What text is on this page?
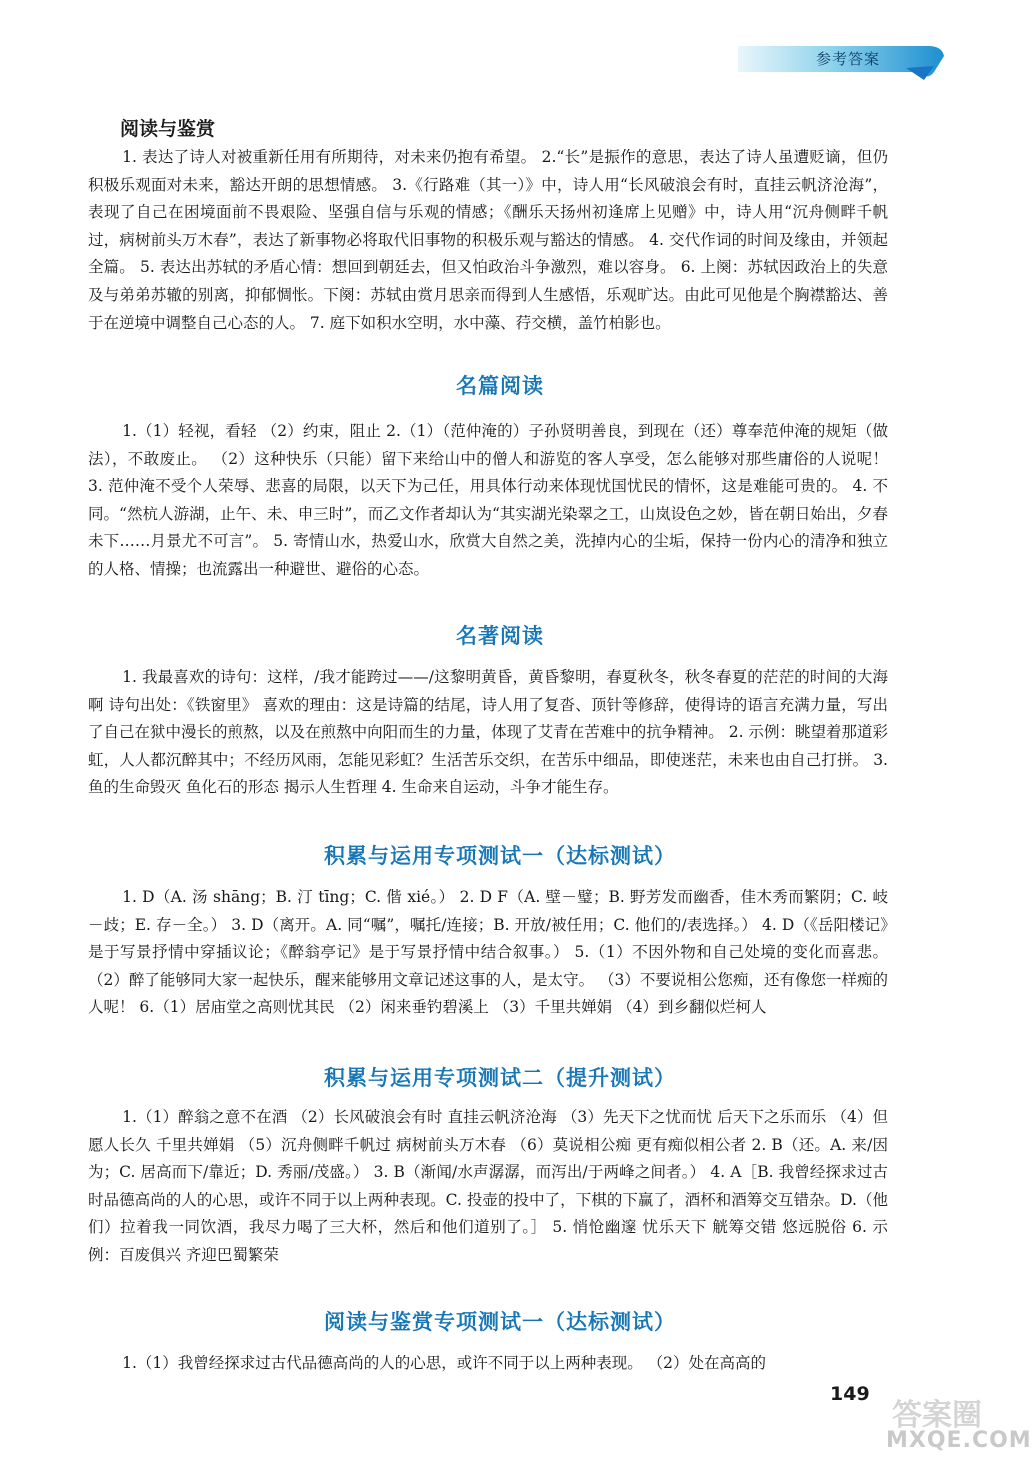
参考答案
阅读与鉴赏

1. 表达了诗人对被重新任用有所期待，对未来仍抱有希望。 2.“长”是振作的意思，表达了诗人虽遭贬谪，但仍积极乐观面对未来，豁达开朗的思想情感。 3.《行路难（其一）》中，诗人用“长风破浪会有时，直挂云帆济沧海”，表现了自己在困境面前不畏艰险、坚强自信与乐观的情感；《酬乐天扬州初逢席上见赠》中，诗人用“沉舟侧畔千帆过，病树前头万木春”，表达了新事物必将取代旧事物的积极乐观与豁达的情感。 4. 交代作词的时间及缘由，并领起全篇。 5. 表达出苏轼的矛盾心情：想回到朝廷去，但又怕政治斗争激烈，难以容身。 6. 上阕：苏轼因政治上的失意及与弟弟苏辙的别离，抑郁惆怅。下阕：苏轼由赏月思亲而得到人生感悟，乐观旷达。由此可见他是个胸襟豁达、善于在逆境中调整自己心态的人。 7. 庭下如积水空明，水中藻、荇交横，盖竹柏影也。

名篇阅读

1.（1）轻视，看轻 （2）约束，阻止 2.（1）（范仲淹的）子孙贤明善良，到现在（还）尊奉范仲淹的规矩（做法），不敢废止。 （2）这种快乐（只能）留下来给山中的僧人和游览的客人享受，怎么能够对那些庸俗的人说呢！ 3. 范仲淹不受个人荣辱、悲喜的局限，以天下为己任，用具体行动来体现忧国忧民的情怀，这是难能可贵的。 4. 不同。“然杭人游湖，止午、未、申三时”，而乙文作者却认为“其实湖光染翠之工，山岚设色之妙，皆在朝日始出，夕春未下……月景尤不可言”。 5. 寄情山水，热爱山水，欣赏大自然之美，洗掉内心的尘垢，保持一份内心的清净和独立的人格、情操；也流露出一种避世、避俗的心态。

名著阅读

1. 我最喜欢的诗句：这样，/我才能跨过——/这黎明黄昏，黄昏黎明，春夏秋冬，秋冬春夏的茫茫的时间的大海啊 诗句出处：《铁窗里》 喜欢的理由：这是诗篇的结尾，诗人用了复沓、顶针等修辞，使得诗的语言充满力量，写出了自己在狱中漫长的煎熬，以及在煎熬中向阳而生的力量，体现了艾青在苦难中的抗争精神。 2. 示例：眺望着那道彩虹，人人都沉醉其中；不经历风雨，怎能见彩虹？生活苦乐交织，在苦乐中细品，即使迷茫，未来也由自己打拼。 3. 鱼的生命毁灭 鱼化石的形态 揭示人生哲理 4. 生命来自运动，斗争才能生存。

积累与运用专项测试一（达标测试）

1. D（A. 汤 shāng；B. 汀 tīng；C. 偕 xié。） 2. D F（A. 壁－璧；B. 野芳发而幽香，佳木秀而繁阴；C. 岐－歧；E. 存－全。） 3. D（离开。A. 同“嘱”，嘱托/连接；B. 开放/被任用；C. 他们的/表选择。） 4. D（《岳阳楼记》是于写景抒情中穿插议论；《醉翁亭记》是于写景抒情中结合叙事。） 5.（1）不因外物和自己处境的变化而喜悲。 （2）醉了能够同大家一起快乐，醒来能够用文章记述这事的人，是太守。 （3）不要说相公您痴，还有像您一样痴的人呢！ 6.（1）居庙堂之高则忧其民 （2）闲来垂钓碧溪上 （3）千里共婵娟 （4）到乡翻似烂柯人

积累与运用专项测试二（提升测试）

1.（1）醉翁之意不在酒 （2）长风破浪会有时 直挂云帆济沧海 （3）先天下之忧而忧 后天下之乐而乐 （4）但愿人长久 千里共婵娟 （5）沉舟侧畔千帆过 病树前头万木春 （6）莫说相公痴 更有痴似相公者 2. B（还。A. 来/因为；C. 居高而下/靠近；D. 秀丽/茂盛。） 3. B（渐闻/水声潺潺，而泻出/于两峰之间者。） 4. A［B. 我曾经探求过古时品德高尚的人的心思，或许不同于以上两种表现。C. 投壶的投中了，下棋的下赢了，酒杯和酒筹交互错杂。D.（他们）拉着我一同饮酒，我尽力喝了三大杯，然后和他们道别了。］ 5. 悄怆幽邃 忧乐天下 觥筹交错 悠远脱俗 6. 示例：百废俱兴 齐迎巴蜀繁荣

阅读与鉴赏专项测试一（达标测试）

1.（1）我曾经探求过古代品德高尚的人的心思，或许不同于以上两种表现。 （2）处在高高的

149
答案圈
MXQE.COM
